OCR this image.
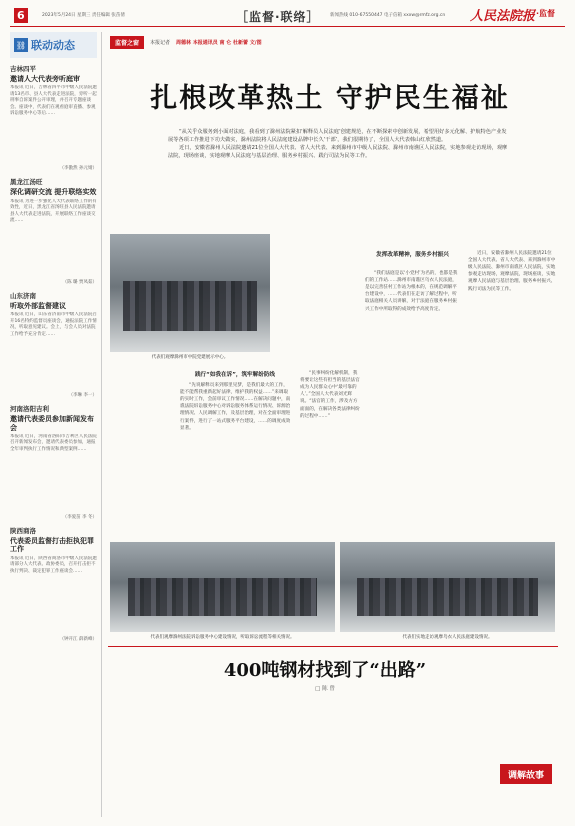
6	2023年5月24日 星期三 责任编辑 张苗倩	［监督·联络］ 新闻热线 010-67550447 电子信箱 xxxw@rmfz.org.cn 人民法院报 ·监督
⛓ 联动动态
吉林四平
邀请人大代表旁听庭审
本报讯 近日，吉林省四平市中级人民法院邀请13名市、县人大代表走进法院，旁听一起刑事自诉案件公开审理，并召开专题座谈会。座谈中，代表们在观看庭审直播、参观诉讼服务中心等后……
（李傲然 孙元婧）
黑龙江汤旺
深化调研交流 提升联络实效
本报讯 为进一步强化人大代表联络工作的有效性，近日，黑龙江省汤旺县人民法院邀请县人大代表走进法院，开展联络工作座谈交流……
（陈 璐 贾凤茹）
山东济南
听取外部监督建议
本报讯 近日，山东省济南市中级人民法院召开16名特约监督员座谈会，通报法院工作情况，听取意见建议。会上，与会人员对法院工作给予充分肯定……
（李琳 李一）
河南洛阳吉利
邀请代表委员参加新闻发布会
本报讯 近日，河南省洛阳市吉利区人民法院召开新闻发布会，邀请代表委员参加，通报全年审判执行工作情况和典型案例……
（李爱苗 李 冬）
陕西商洛
代表委员监督打击拒执犯罪工作
本报讯 近日，陕西省商洛市中级人民法院邀请部分人大代表、政协委员，召开打击拒不执行判决、裁定犯罪工作座谈会……
（钟开江 薛新峰）
监督之窗	本报记者 周德林 本报通讯员 南 仑 杜新蕾 文/图
扎根改革热土 守护民生福祉

“从关乎众服务到小面对法庭，我看到了滁州法院紧扣‘解释员人民法庭’创建规范，在不断探索中创新发展，希望用好多元化解、护航特色产业发展等各项工作推进下功夫做实，滁州法院将人民法庭建设品牌中长久‘干部’，我们很期待了，全国人大代表韩山红欣然道。

近日，安徽省滁州人民法院邀请21位全国人大代表、省人大代表、来到滁州市中级人民法院、滁州市南谯区人民法院，实地参观走访现场，观摩法院，现场座谈，实地观摩人民法庭与基层治理、服务乡村振兴、践行司法为民等工作。

代表们观摩滁州市中院党建展示中心。
践行“如我在诉”，筑牢解纷防线
“先说解释员来到那里见梦，是我们最大的工作，能不能帮我重新起好法律，维护我的权益……”来调取的实时工作，会前审议工作情况……在解决问题中，南谯法院诉讼服务中心对诉讼服务体系运行情况、诉源治理情况、人民调解工作，及基层治理，对在全面审理进行案件，进行了一站式服务平台建设，……的调度成效显著。
发挥改革精神，服务乡村振兴
“我们法庭是以‘小党村’为名的，也都是我们的工作站……滁州市南谯区乌衣人民法庭，是以完善驻村工作站为根本的，在规范调解平台建设中，……代表们在走访了解过程中，听取法庭相关人员讲解，对于法庭在服务乡村振兴工作中所取得的成效给予高度肯定。
“民事纠纷化解机制，我将要让这些有担当的基层法官成为人民群众心中‘最可靠的人’。”全国人大代表刘光辉说。“法官的工作，涉及方方面面的，在解决各类法律纠纷的过程中……”
近日，安徽省滁州人民法院邀请21位全国人大代表、省人大代表、来到滁州市中级人民法院、滁州市南谯区人民法院，实地参观走访现场，观摩法院，现场座谈，实地观摩人民法庭与基层治理、服务乡村振兴、践行司法为民等工作。
代表们观摩滁州法院诉讼服务中心建设情况，听取诉讼流程等相关情况。	代表们实地走访观摩乌衣人民法庭建设情况。
400吨钢材找到了“出路”
□ 陈 曾
调解故事
